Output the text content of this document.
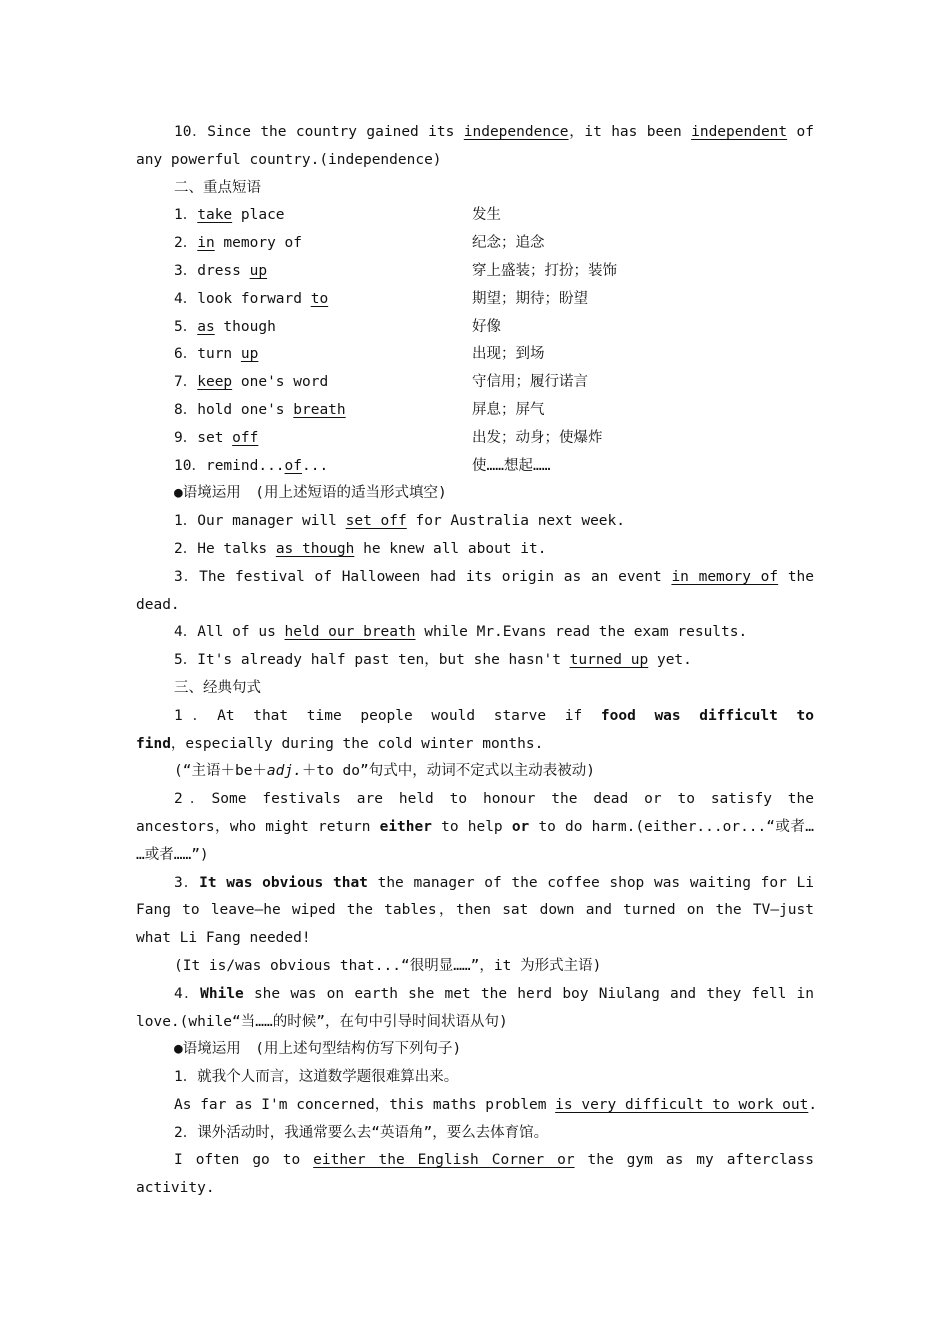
10．Since the country gained its independence，it has been independent of
any powerful country.(independence)
二、重点短语
1．take place	发生
2．in memory of	纪念；追念
3．dress up	穿上盛装；打扮；装饰
4．look forward to	期望；期待；盼望
5．as though	好像
6．turn up	出现；到场
7．keep one's word	守信用；履行诺言
8．hold one's breath	屏息；屏气
9．set off	出发；动身；使爆炸
10．remind...of...	使……想起……
●语境运用　(用上述短语的适当形式填空)
1．Our manager will set off for Australia next week.
2．He talks as though he knew all about it.
3．The festival of Halloween had its origin as an event in memory of the
dead.
4．All of us held our breath while Mr.Evans read the exam results.
5．It's already half past ten，but she hasn't turned up yet.
三、经典句式
1．At that time people would starve if food was difficult to
find，especially during the cold winter months.
(“主语＋be＋adj.＋to do”句式中，动词不定式以主动表被动)
2．Some festivals are held to honour the dead or to satisfy the
ancestors，who might return either to help or to do harm.(either...or...“或者…
…或者……”)
3．It was obvious that the manager of the coffee shop was waiting for Li
Fang to leave—he wiped the tables，then sat down and turned on the TV—just
what Li Fang needed!
(It is/was obvious that...“很明显……”，it 为形式主语)
4．While she was on earth she met the herd boy Niulang and they fell in
love.(while“当……的时候”，在句中引导时间状语从句)
●语境运用　(用上述句型结构仿写下列句子)
1．就我个人而言，这道数学题很难算出来。
As far as I'm concerned，this maths problem is very difficult to work out.
2．课外活动时，我通常要么去“英语角”，要么去体育馆。
I often go to either the English Corner or the gym as my afterclass
activity.
